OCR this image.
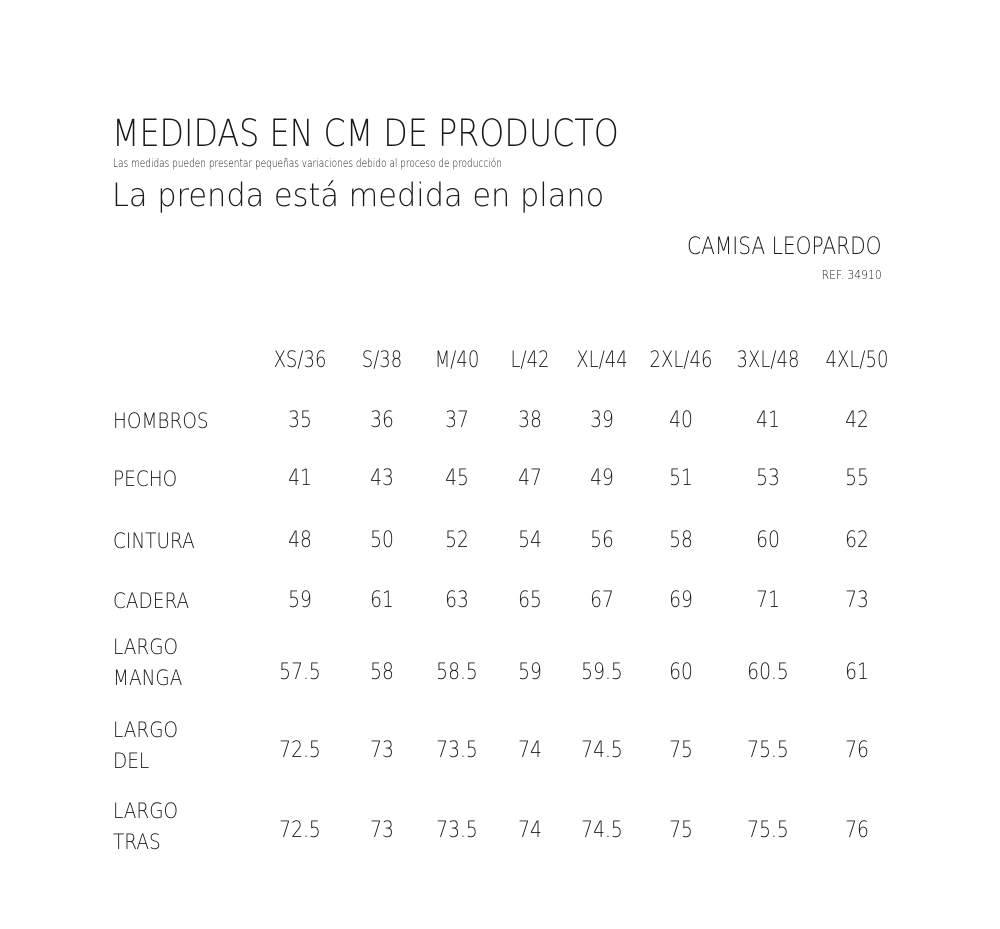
MEDIDAS EN CM DE PRODUCTO
Las medidas pueden presentar pequeñas variaciones debido al proceso de producción
La prenda está medida en plano
CAMISA LEOPARDO
REF. 34910
XS/36 S/38 M/40 L/42 XL/44 2XL/46 3XL/48 4XL/50
HOMBROS	35	36 37 38 39	40	41	42
PECHO	41	43 45 47 49	51	53	55
CINTURA	48	50 52 54 56	58	60	62
CADERA	59	61 63 65 67	69	71	73
LARGO
MANGA	57.5 58 58.5 59 59.5 60 60.5	61
LARGO
DEL	72.5 73 73.5 74 74.5 75 75.5	76
LARGO
TRAS	72.5 73 73.5 74 74.5 75 75.5	76
